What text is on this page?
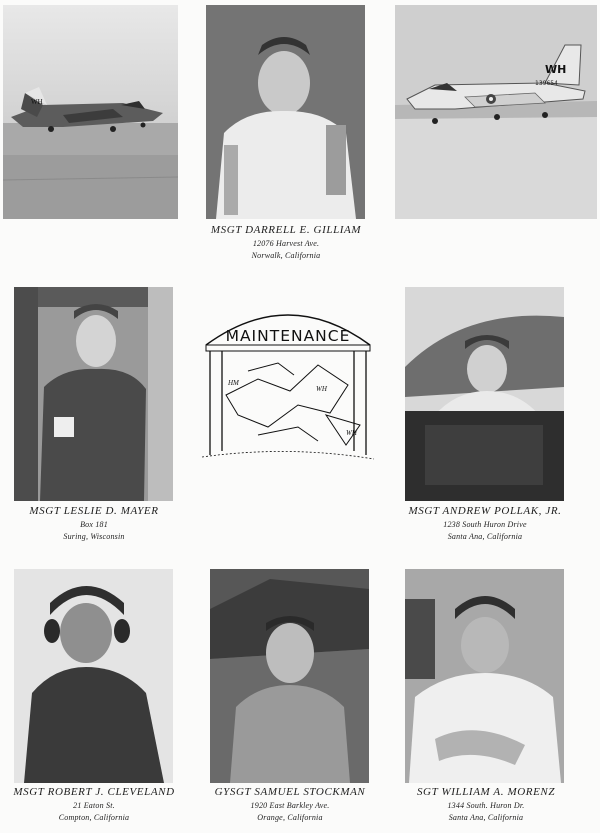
WH
WH
139654
MSGT DARRELL E. GILLIAM
12076 Harvest Ave.
Norwalk, California
MAINTENANCE
HM
WH
WH
MSGT LESLIE D. MAYER
Box 181
Suring, Wisconsin
MSGT ANDREW POLLAK, JR.
1238 South Huron Drive
Santa Ana, California
MSGT ROBERT J. CLEVELAND
21 Eaton St.
Compton, California
GYSGT SAMUEL STOCKMAN
1920 East Barkley Ave.
Orange, California
SGT WILLIAM A. MORENZ
1344 South. Huron Dr.
Santa Ana, California
